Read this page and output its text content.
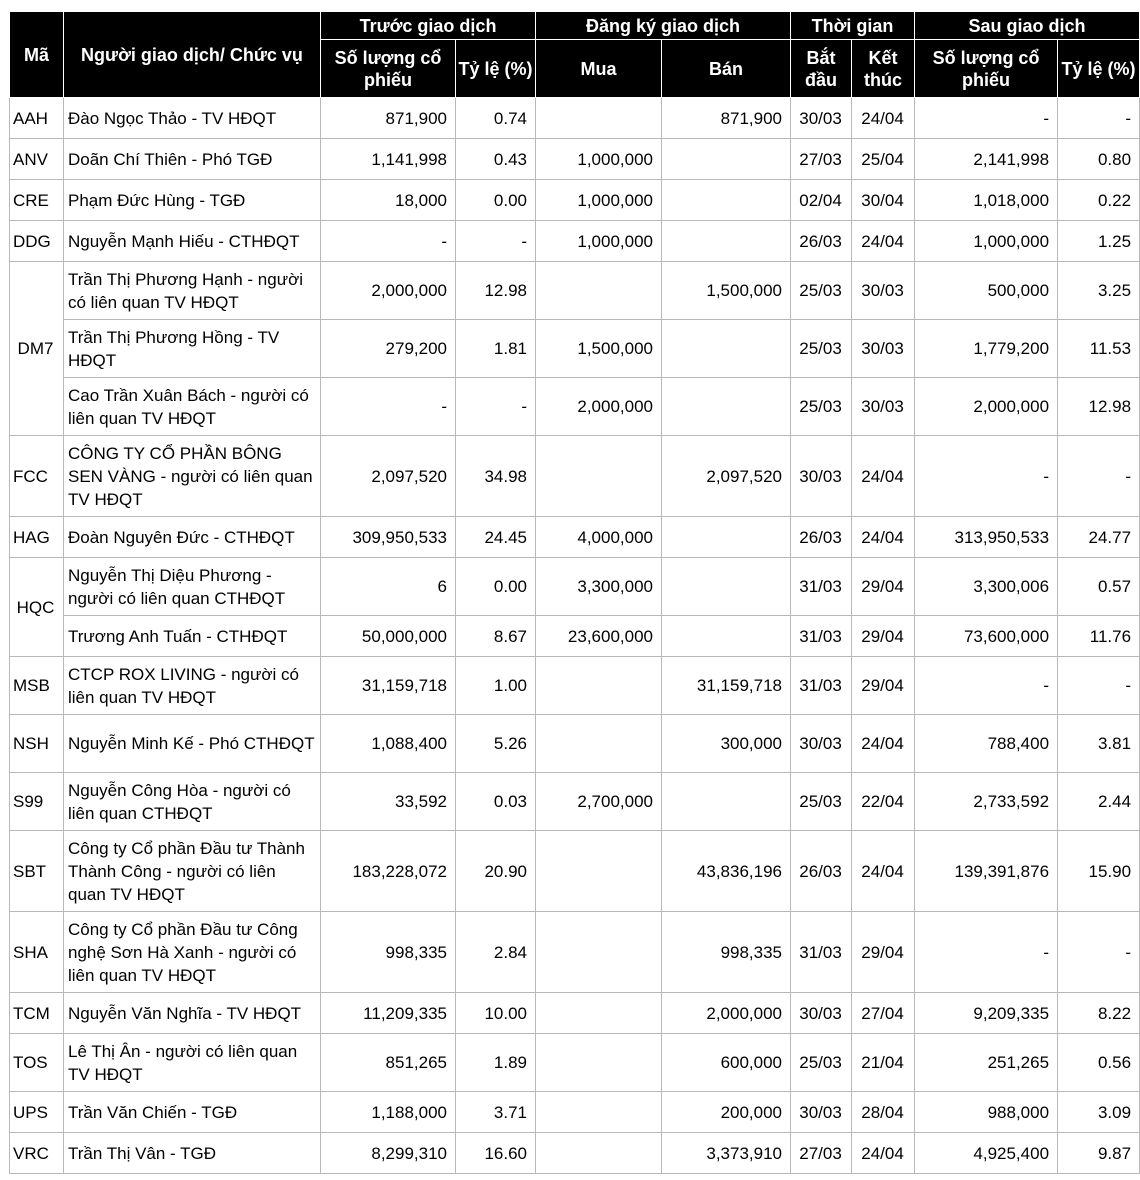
Mã	Người giao dịch/ Chức vụ	Trước giao dịch		Đăng ký giao dịch		Thời gian		Sau giao dịch	
		Số lượng cổ phiếu	Tỷ lệ (%)	Mua	Bán	Bắt đầu	Kết thúc	Số lượng cổ phiếu	Tỷ lệ (%)
AAH	Đào Ngọc Thảo - TV HĐQT	871,900	0.74		871,900	30/03	24/04	-	-
ANV	Doãn Chí Thiên - Phó TGĐ	1,141,998	0.43	1,000,000		27/03	25/04	2,141,998	0.80
CRE	Phạm Đức Hùng - TGĐ	18,000	0.00	1,000,000		02/04	30/04	1,018,000	0.22
DDG	Nguyễn Mạnh Hiếu - CTHĐQT	-	-	1,000,000		26/03	24/04	1,000,000	1.25
DM7	Trần Thị Phương Hạnh - người có liên quan TV HĐQT	2,000,000	12.98		1,500,000	25/03	30/03	500,000	3.25
	Trần Thị Phương Hồng - TV HĐQT	279,200	1.81	1,500,000		25/03	30/03	1,779,200	11.53
	Cao Trần Xuân Bách - người có liên quan TV HĐQT	-	-	2,000,000		25/03	30/03	2,000,000	12.98
FCC	CÔNG TY CỔ PHẦN BÔNG SEN VÀNG - người có liên quan TV HĐQT	2,097,520	34.98		2,097,520	30/03	24/04	-	-
HAG	Đoàn Nguyên Đức - CTHĐQT	309,950,533	24.45	4,000,000		26/03	24/04	313,950,533	24.77
HQC	Nguyễn Thị Diệu Phương - người có liên quan CTHĐQT	6	0.00	3,300,000		31/03	29/04	3,300,006	0.57
	Trương Anh Tuấn - CTHĐQT	50,000,000	8.67	23,600,000		31/03	29/04	73,600,000	11.76
MSB	CTCP ROX LIVING - người có liên quan TV HĐQT	31,159,718	1.00		31,159,718	31/03	29/04	-	-
NSH	Nguyễn Minh Kế - Phó CTHĐQT	1,088,400	5.26		300,000	30/03	24/04	788,400	3.81
S99	Nguyễn Công Hòa - người có liên quan CTHĐQT	33,592	0.03	2,700,000		25/03	22/04	2,733,592	2.44
SBT	Công ty Cổ phần Đầu tư Thành Thành Công - người có liên quan TV HĐQT	183,228,072	20.90		43,836,196	26/03	24/04	139,391,876	15.90
SHA	Công ty Cổ phần Đầu tư Công nghệ Sơn Hà Xanh - người có liên quan TV HĐQT	998,335	2.84		998,335	31/03	29/04	-	-
TCM	Nguyễn Văn Nghĩa - TV HĐQT	11,209,335	10.00		2,000,000	30/03	27/04	9,209,335	8.22
TOS	Lê Thị Ân - người có liên quan TV HĐQT	851,265	1.89		600,000	25/03	21/04	251,265	0.56
UPS	Trần Văn Chiến - TGĐ	1,188,000	3.71		200,000	30/03	28/04	988,000	3.09
VRC	Trần Thị Vân - TGĐ	8,299,310	16.60		3,373,910	27/03	24/04	4,925,400	9.87
